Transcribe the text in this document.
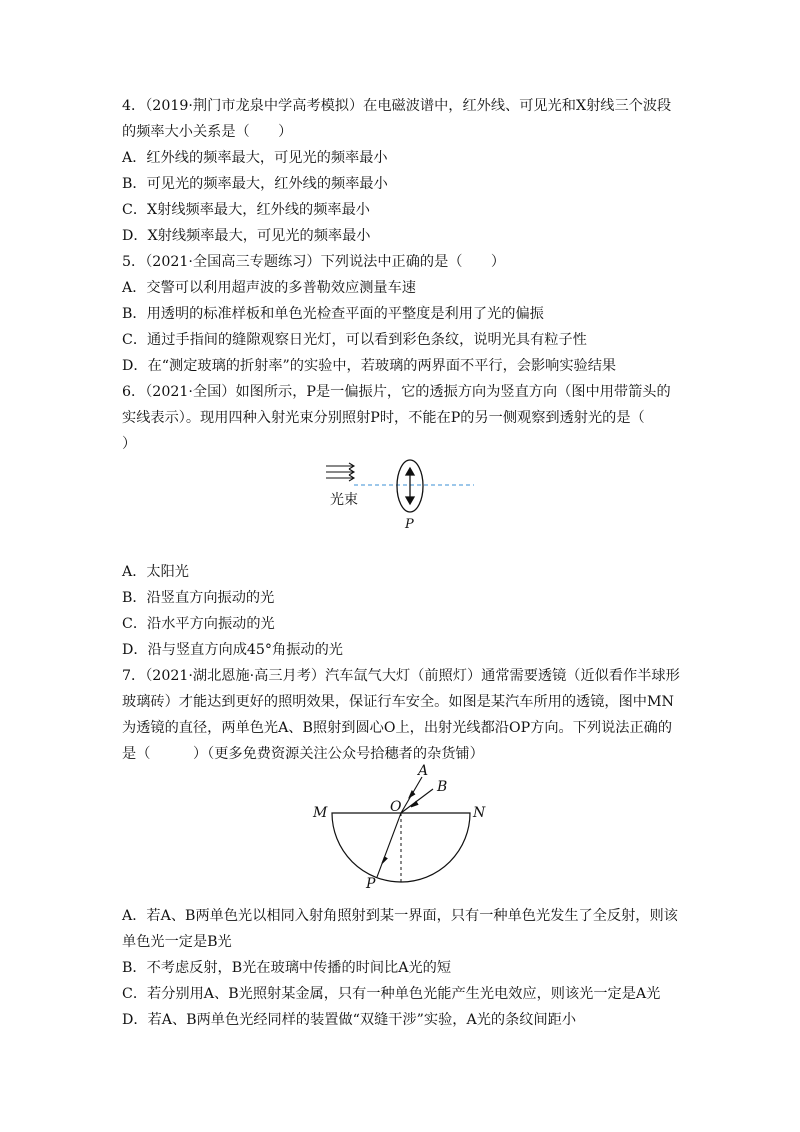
4．（2019·荆门市龙泉中学高考模拟）在电磁波谱中，红外线、可见光和X射线三个波段
的频率大小关系是（　　）
A．红外线的频率最大，可见光的频率最小
B．可见光的频率最大，红外线的频率最小
C．X射线频率最大，红外线的频率最小
D．X射线频率最大，可见光的频率最小
5．（2021·全国高三专题练习）下列说法中正确的是（　　）
A．交警可以利用超声波的多普勒效应测量车速
B．用透明的标准样板和单色光检查平面的平整度是利用了光的偏振
C．通过手指间的缝隙观察日光灯，可以看到彩色条纹，说明光具有粒子性
D．在“测定玻璃的折射率”的实验中，若玻璃的两界面不平行，会影响实验结果
6．（2021·全国）如图所示，P是一偏振片，它的透振方向为竖直方向（图中用带箭头的
实线表示）。现用四种入射光束分别照射P时，不能在P的另一侧观察到透射光的是（
）
光束
P
A．太阳光
B．沿竖直方向振动的光
C．沿水平方向振动的光
D．沿与竖直方向成45°角振动的光
7．（2021·湖北恩施·高三月考）汽车氙气大灯（前照灯）通常需要透镜（近似看作半球形
玻璃砖）才能达到更好的照明效果，保证行车安全。如图是某汽车所用的透镜，图中MN
为透镜的直径，两单色光A、B照射到圆心O上，出射光线都沿OP方向。下列说法正确的
是（　　　）（更多免费资源关注公众号拾穗者的杂货铺）
M	N
O
A
B
P
A．若A、B两单色光以相同入射角照射到某一界面，只有一种单色光发生了全反射，则该
单色光一定是B光
B．不考虑反射，B光在玻璃中传播的时间比A光的短
C．若分别用A、B光照射某金属，只有一种单色光能产生光电效应，则该光一定是A光
D．若A、B两单色光经同样的装置做“双缝干涉”实验，A光的条纹间距小
